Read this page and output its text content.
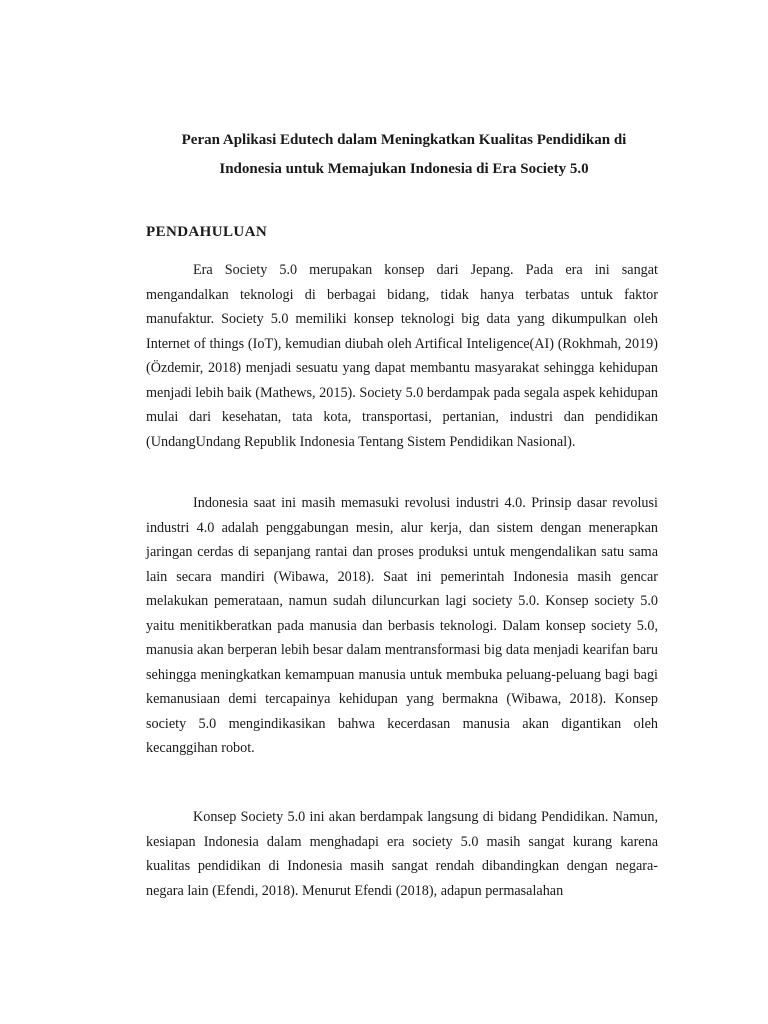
Peran Aplikasi Edutech dalam Meningkatkan Kualitas Pendidikan di
Indonesia untuk Memajukan Indonesia di Era Society 5.0
PENDAHULUAN

Era Society 5.0 merupakan konsep dari Jepang. Pada era ini sangat mengandalkan teknologi di berbagai bidang, tidak hanya terbatas untuk faktor manufaktur. Society 5.0 memiliki konsep teknologi big data yang dikumpulkan oleh Internet of things (IoT), kemudian diubah oleh Artifical Inteligence(AI) (Rokhmah, 2019) (Özdemir, 2018) menjadi sesuatu yang dapat membantu masyarakat sehingga kehidupan menjadi lebih baik (Mathews, 2015). Society 5.0 berdampak pada segala aspek kehidupan mulai dari kesehatan, tata kota, transportasi, pertanian, industri dan pendidikan (UndangUndang Republik Indonesia Tentang Sistem Pendidikan Nasional).

Indonesia saat ini masih memasuki revolusi industri 4.0. Prinsip dasar revolusi industri 4.0 adalah penggabungan mesin, alur kerja, dan sistem dengan menerapkan jaringan cerdas di sepanjang rantai dan proses produksi untuk mengendalikan satu sama lain secara mandiri (Wibawa, 2018). Saat ini pemerintah Indonesia masih gencar melakukan pemerataan, namun sudah diluncurkan lagi society 5.0. Konsep society 5.0 yaitu menitikberatkan pada manusia dan berbasis teknologi. Dalam konsep society 5.0, manusia akan berperan lebih besar dalam mentransformasi big data menjadi kearifan baru sehingga meningkatkan kemampuan manusia untuk membuka peluang-peluang bagi bagi kemanusiaan demi tercapainya kehidupan yang bermakna (Wibawa, 2018). Konsep society 5.0 mengindikasikan bahwa kecerdasan manusia akan digantikan oleh kecanggihan robot.

Konsep Society 5.0 ini akan berdampak langsung di bidang Pendidikan. Namun, kesiapan Indonesia dalam menghadapi era society 5.0 masih sangat kurang karena kualitas pendidikan di Indonesia masih sangat rendah dibandingkan dengan negara-negara lain (Efendi, 2018). Menurut Efendi (2018), adapun permasalahan
